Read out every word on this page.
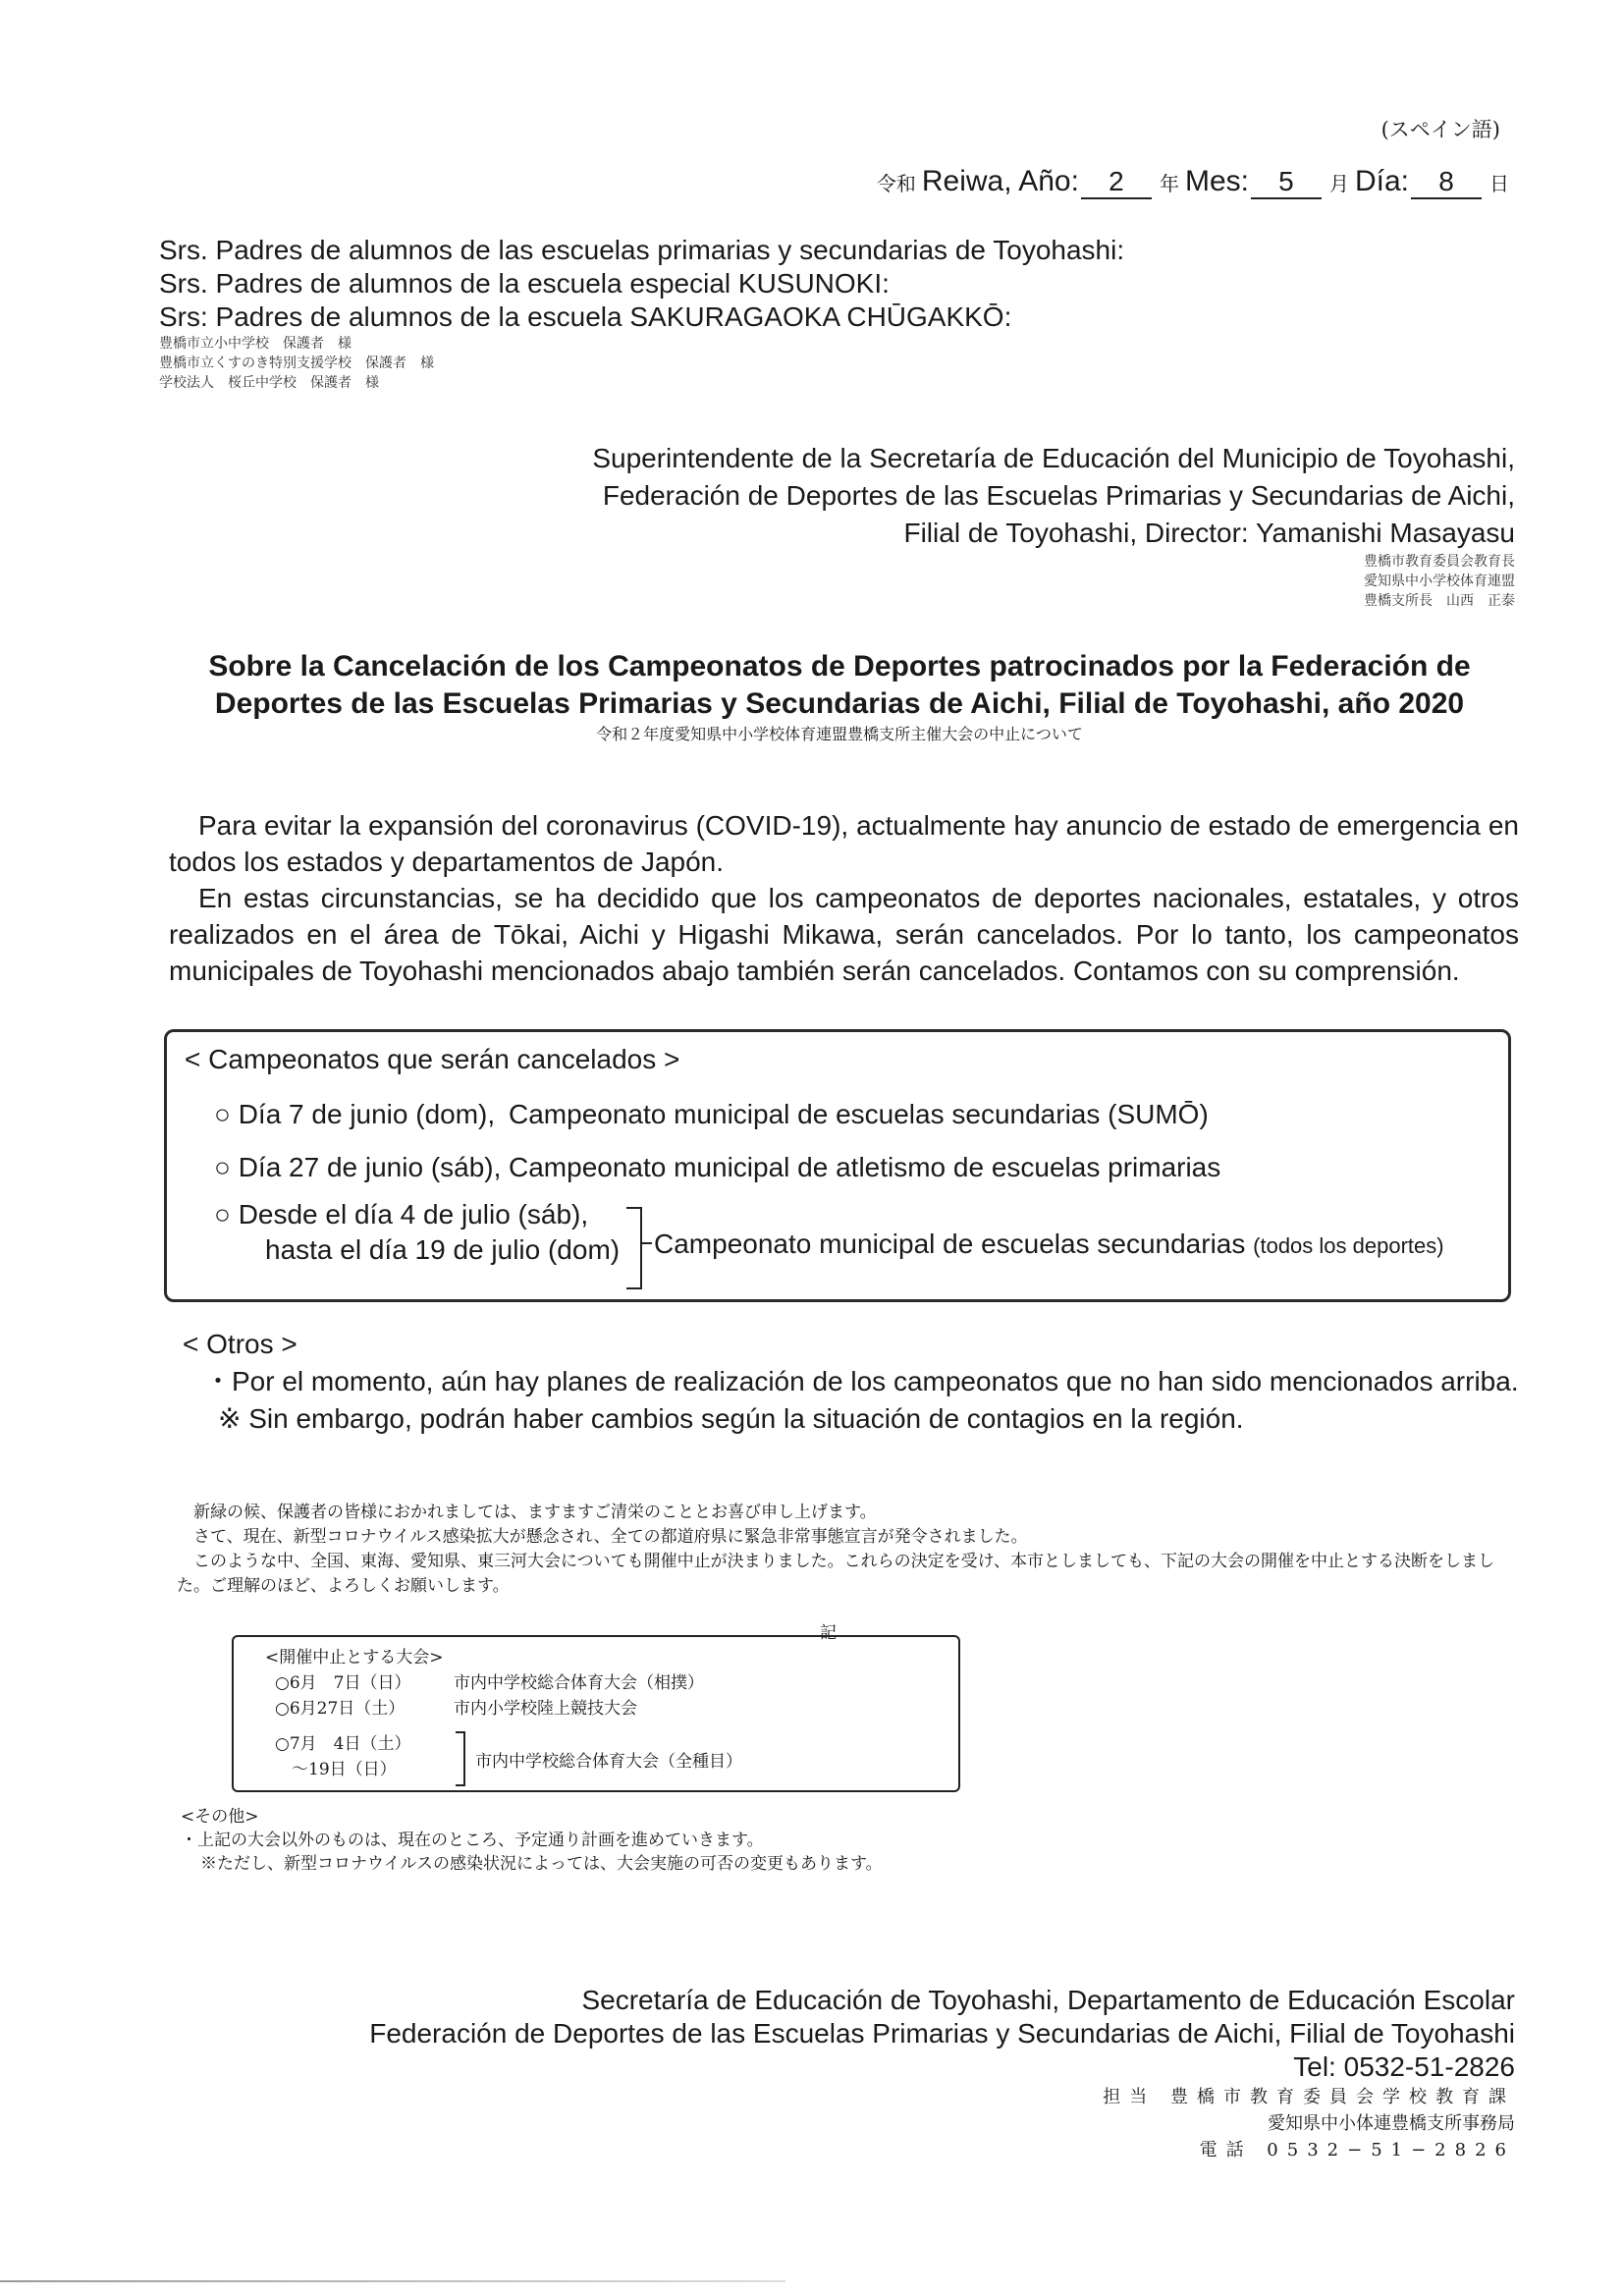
(スペイン語)
令和 Reiwa, Año:	2	年 Mes:	5	月 Día:	8	日
Srs. Padres de alumnos de las escuelas primarias y secundarias de Toyohashi:
Srs. Padres de alumnos de la escuela especial KUSUNOKI:
Srs: Padres de alumnos de la escuela SAKURAGAOKA CHŪGAKKŌ:
豊橋市立小中学校　保護者　様
豊橋市立くすのき特別支援学校　保護者　様
学校法人　桜丘中学校　保護者　様
Superintendente de la Secretaría de Educación del Municipio de Toyohashi,
Federación de Deportes de las Escuelas Primarias y Secundarias de Aichi,
Filial de Toyohashi, Director: Yamanishi Masayasu
豊橋市教育委員会教育長
愛知県中小学校体育連盟
豊橋支所長　山西　正泰
Sobre la Cancelación de los Campeonatos de Deportes patrocinados por la Federación de
Deportes de las Escuelas Primarias y Secundarias de Aichi, Filial de Toyohashi, año 2020
令和２年度愛知県中小学校体育連盟豊橋支所主催大会の中止について

Para evitar la expansión del coronavirus (COVID-19), actualmente hay anuncio de estado de emergencia en todos los estados y departamentos de Japón.

En estas circunstancias, se ha decidido que los campeonatos de deportes nacionales, estatales, y otros realizados en el área de Tōkai, Aichi y Higashi Mikawa, serán cancelados. Por lo tanto, los campeonatos municipales de Toyohashi mencionados abajo también serán cancelados. Contamos con su comprensión.

< Campeonatos que serán cancelados >
○ Día 7 de junio (dom), Campeonato municipal de escuelas secundarias (SUMŌ)
○ Día 27 de junio (sáb), Campeonato municipal de atletismo de escuelas primarias
○ Desde el día 4 de julio (sáb),
hasta el día 19 de julio (dom) Campeonato municipal de escuelas secundarias (todos los deportes)
< Otros >
・Por el momento, aún hay planes de realización de los campeonatos que no han sido mencionados arriba.
※ Sin embargo, podrán haber cambios según la situación de contagios en la región.

新緑の候、保護者の皆様におかれましては、ますますご清栄のこととお喜び申し上げます。

さて、現在、新型コロナウイルス感染拡大が懸念され、全ての都道府県に緊急非常事態宣言が発令されました。

このような中、全国、東海、愛知県、東三河大会についても開催中止が決まりました。これらの決定を受け、本市としましても、下記の大会の開催を中止とする決断をしました。ご理解のほど、よろしくお願いします。

記
<開催中止とする大会>
○6月　7日（日）	市内中学校総合体育大会（相撲）
○6月27日（土）	市内小学校陸上競技大会
○7月　4日（土）
　～19日（日）	市内中学校総合体育大会（全種目）
<その他>
・上記の大会以外のものは、現在のところ、予定通り計画を進めていきます。
※ただし、新型コロナウイルスの感染状況によっては、大会実施の可否の変更もあります。
Secretaría de Educación de Toyohashi, Departamento de Educación Escolar
Federación de Deportes de las Escuelas Primarias y Secundarias de Aichi, Filial de Toyohashi
Tel: 0532-51-2826
担当 豊橋市教育委員会学校教育課
愛知県中小体連豊橋支所事務局
電話 0532−51−2826
